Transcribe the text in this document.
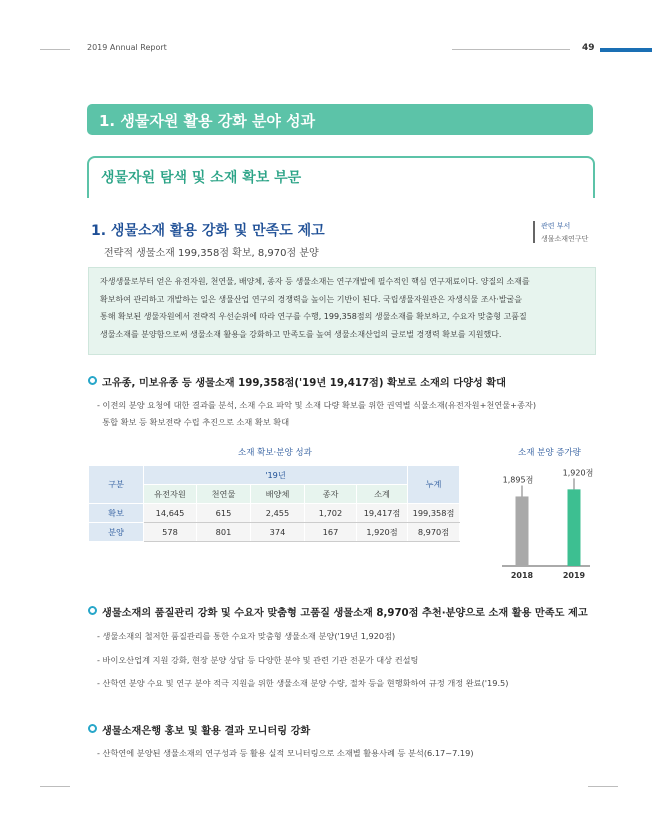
2019 Annual Report	49
1. 생물자원 활용 강화 분야 성과
생물자원 탐색 및 소재 확보 부문
1. 생물소재 활용 강화 및 만족도 제고
전략적 생물소재 199,358점 확보, 8,970점 분양
관련 부서
생물소재연구단

자생생물로부터 얻은 유전자원, 천연물, 배양체, 종자 등 생물소재는 연구개발에 필수적인 핵심 연구재료이다. 양질의 소재를

확보하여 관리하고 개발하는 일은 생물산업 연구의 경쟁력을 높이는 기반이 된다. 국립생물자원관은 자생식물 조사·발굴을

통해 확보된 생물자원에서 전략적 우선순위에 따라 연구를 수행, 199,358점의 생물소재를 확보하고, 수요자 맞춤형 고품질

생물소재를 분양함으로써 생물소재 활용을 강화하고 만족도를 높여 생물소재산업의 글로벌 경쟁력 확보를 지원했다.

고유종, 미보유종 등 생물소재 199,358점('19년 19,417점) 확보로 소재의 다양성 확대
- 이전의 분양 요청에 대한 결과를 분석, 소재 수요 파악 및 소재 다량 확보를 위한 권역별 식물소재(유전자원+천연물+종자)
통합 확보 등 확보전략 수립 추진으로 소재 확보 확대
소재 확보·분양 성과
구분	'19년					누계
	유전자원	천연물	배양체	종자	소계	
확보	14,645	615	2,455	1,702	19,417점	199,358점
분양	578	801	374	167	1,920점	8,970점
소재 분양 증가량
1,895점
1,920점
2018	2019
생물소재의 품질관리 강화 및 수요자 맞춤형 고품질 생물소재 8,970점 추천·분양으로 소재 활용 만족도 제고
- 생물소재의 철저한 품질관리를 통한 수요자 맞춤형 생물소재 분양('19년 1,920점)
- 바이오산업계 지원 강화, 현장 분양 상담 등 다양한 분야 및 관련 기관 전문가 대상 컨설팅
- 산학연 분양 수요 및 연구 분야 적극 지원을 위한 생물소재 분양 수량, 절차 등을 현행화하여 규정 개정 완료('19.5)
생물소재은행 홍보 및 활용 결과 모니터링 강화
- 산학연에 분양된 생물소재의 연구성과 등 활용 실적 모니터링으로 소재별 활용사례 등 분석(6.17~7.19)
